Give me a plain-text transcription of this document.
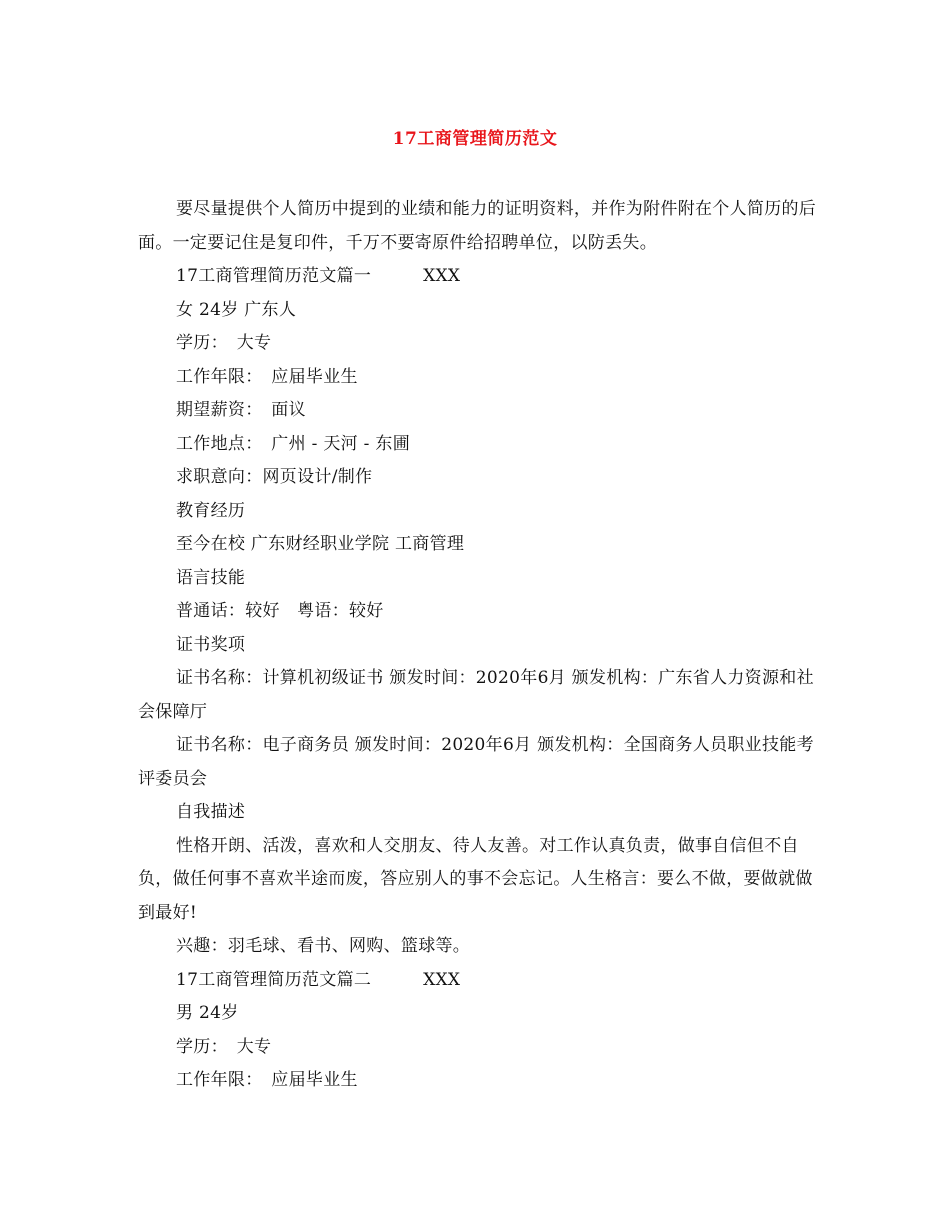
17工商管理简历范文

要尽量提供个人简历中提到的业绩和能力的证明资料，并作为附件附在个人简历的后面。一定要记住是复印件，千万不要寄原件给招聘单位，以防丢失。

17工商管理简历范文篇一　　　XXX

女 24岁 广东人

学历：　大专

工作年限：　应届毕业生

期望薪资：　面议

工作地点：　广州 - 天河 - 东圃

求职意向：网页设计/制作

教育经历

至今在校 广东财经职业学院 工商管理

语言技能

普通话：较好　粤语：较好

证书奖项

证书名称：计算机初级证书 颁发时间：2020年6月 颁发机构：广东省人力资源和社会保障厅

证书名称：电子商务员 颁发时间：2020年6月 颁发机构：全国商务人员职业技能考评委员会

自我描述

性格开朗、活泼，喜欢和人交朋友、待人友善。对工作认真负责，做事自信但不自负，做任何事不喜欢半途而废，答应别人的事不会忘记。人生格言：要么不做，要做就做到最好!

兴趣：羽毛球、看书、网购、篮球等。

17工商管理简历范文篇二　　　XXX

男 24岁

学历：　大专

工作年限：　应届毕业生
